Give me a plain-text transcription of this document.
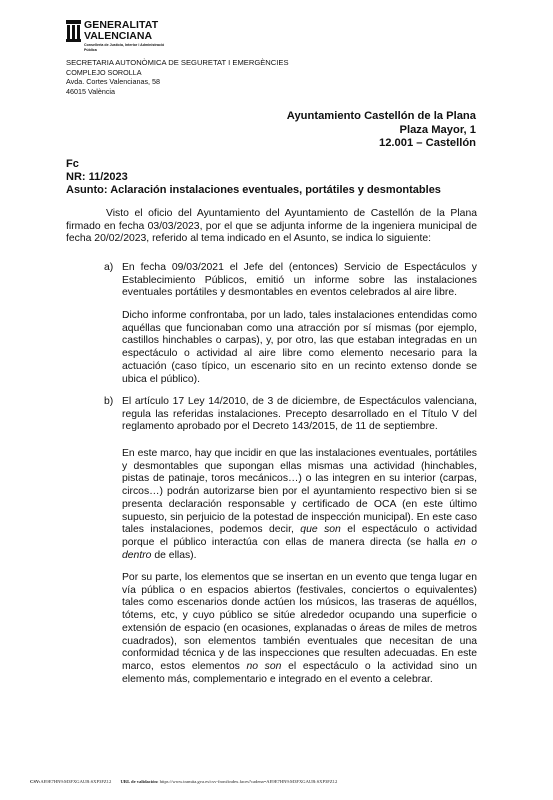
GENERALITAT
VALENCIANA
Conselleria de Justícia, Interior i Administració Pública
SECRETARIA AUTONÒMICA DE SEGURETAT I EMERGÈNCIES
COMPLEJO SOROLLA
Avda. Cortes Valencianas, 58
46015 València
Ayuntamiento Castellón de la Plana
Plaza Mayor, 1
12.001 – Castellón
Fc
NR: 11/2023
Asunto: Aclaración instalaciones eventuales, portátiles y desmontables
Visto el oficio del Ayuntamiento del Ayuntamiento de Castellón de la Plana firmado en fecha 03/03/2023, por el que se adjunta informe de la ingeniera municipal de fecha 20/02/2023, referido al tema indicado en el Asunto, se indica lo siguiente:
a) En fecha 09/03/2021 el Jefe del (entonces) Servicio de Espectáculos y Establecimiento Públicos, emitió un informe sobre las instalaciones eventuales portátiles y desmontables en eventos celebrados al aire libre.
Dicho informe confrontaba, por un lado, tales instalaciones entendidas como aquéllas que funcionaban como una atracción por sí mismas (por ejemplo, castillos hinchables o carpas), y, por otro, las que estaban integradas en un espectáculo o actividad al aire libre como elemento necesario para la actuación (caso típico, un escenario sito en un recinto extenso donde se ubica el público).
b) El artículo 17 Ley 14/2010, de 3 de diciembre, de Espectáculos valenciana, regula las referidas instalaciones. Precepto desarrollado en el Título V del reglamento aprobado por el Decreto 143/2015, de 11 de septiembre.
En este marco, hay que incidir en que las instalaciones eventuales, portátiles y desmontables que supongan ellas mismas una actividad (hinchables, pistas de patinaje, toros mecánicos…) o las integren en su interior (carpas, circos…) podrán autorizarse bien por el ayuntamiento respectivo bien si se presenta declaración responsable y certificado de OCA (en este último supuesto, sin perjuicio de la potestad de inspección municipal). En este caso tales instalaciones, podemos decir, que son el espectáculo o actividad porque el público interactúa con ellas de manera directa (se halla en o dentro de ellas).
Por su parte, los elementos que se insertan en un evento que tenga lugar en vía pública o en espacios abiertos (festivales, conciertos o equivalentes) tales como escenarios donde actúen los músicos, las traseras de aquéllos, tótems, etc, y cuyo público se sitúe alrededor ocupando una superficie o extensión de espacio (en ocasiones, explanadas o áreas de miles de metros cuadrados), son elementos también eventuales que necesitan de una conformidad técnica y de las inspecciones que resulten adecuadas. En este marco, estos elementos no son el espectáculo o la actividad sino un elemento más, complementario e integrado en el evento a celebrar.
CSV:AE9E7HN9:M3FXGAUB:SXP3FZ12 URL de validación: https://www.tramita.gva.es/csv-front/index.faces?cadena=AE9E7HN9:M3FXGAUB:SXP3FZ12
